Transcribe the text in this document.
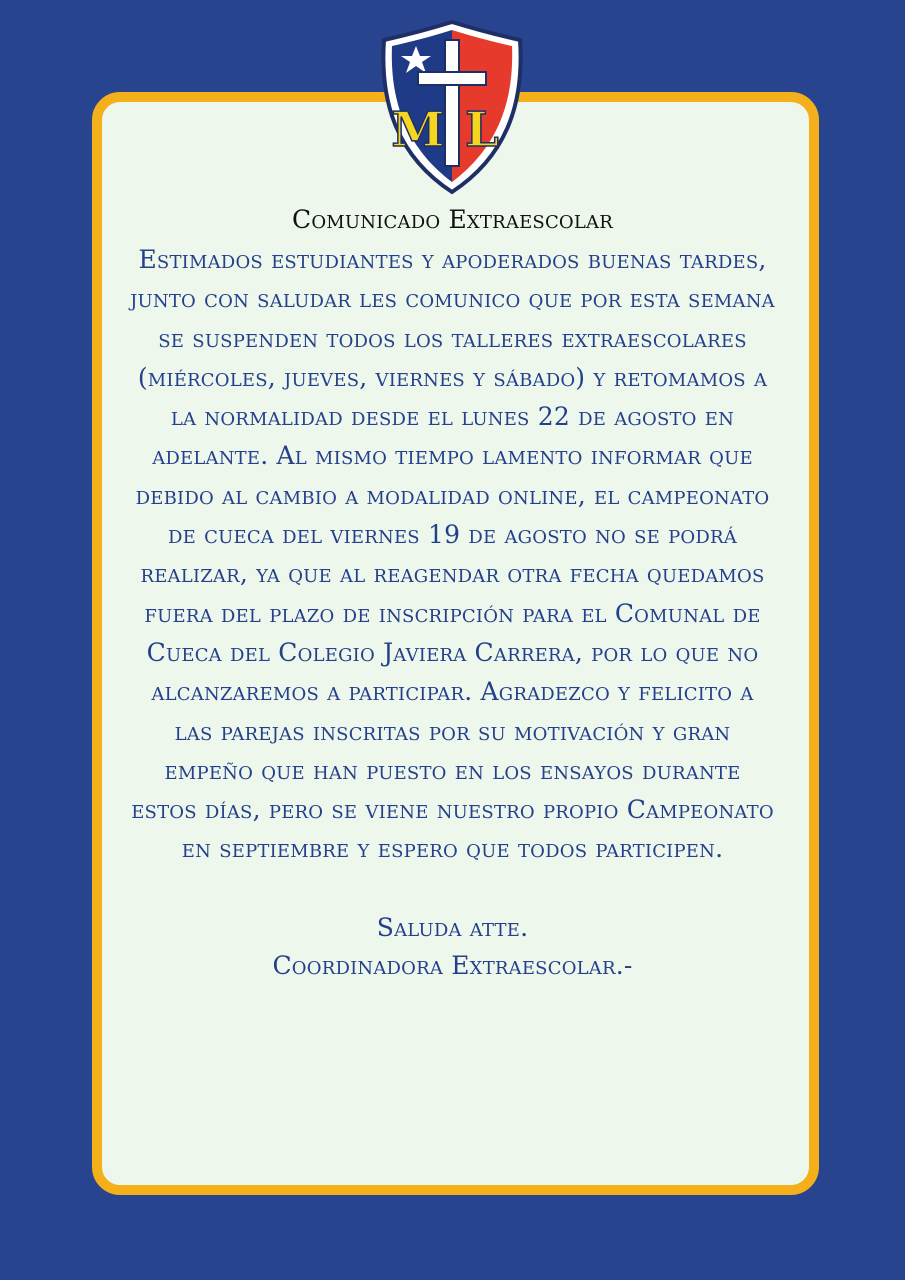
M L
Comunicado Extraescolar

Estimados estudiantes y apoderados buenas tardes, junto con saludar les comunico que por esta semana se suspenden todos los talleres extraescolares (miércoles, jueves, viernes y sábado) y retomamos a la normalidad desde el lunes 22 de agosto en adelante. Al mismo tiempo lamento informar que debido al cambio a modalidad online, el campeonato de cueca del viernes 19 de agosto no se podrá realizar, ya que al reagendar otra fecha quedamos fuera del plazo de inscripción para el Comunal de Cueca del Colegio Javiera Carrera, por lo que no alcanzaremos a participar. Agradezco y felicito a las parejas inscritas por su motivación y gran empeño que han puesto en los ensayos durante estos días, pero se viene nuestro propio Campeonato en septiembre y espero que todos participen.

Saluda atte.
Coordinadora Extraescolar.-
